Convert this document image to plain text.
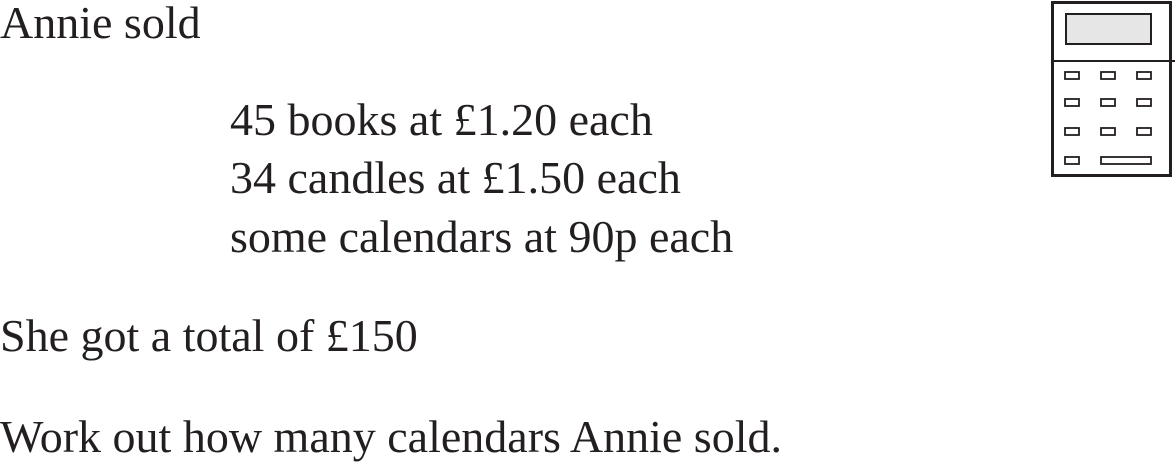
Annie sold
45 books at £1.20 each
34 candles at £1.50 each
some calendars at 90p each
She got a total of £150
Work out how many calendars Annie sold.
